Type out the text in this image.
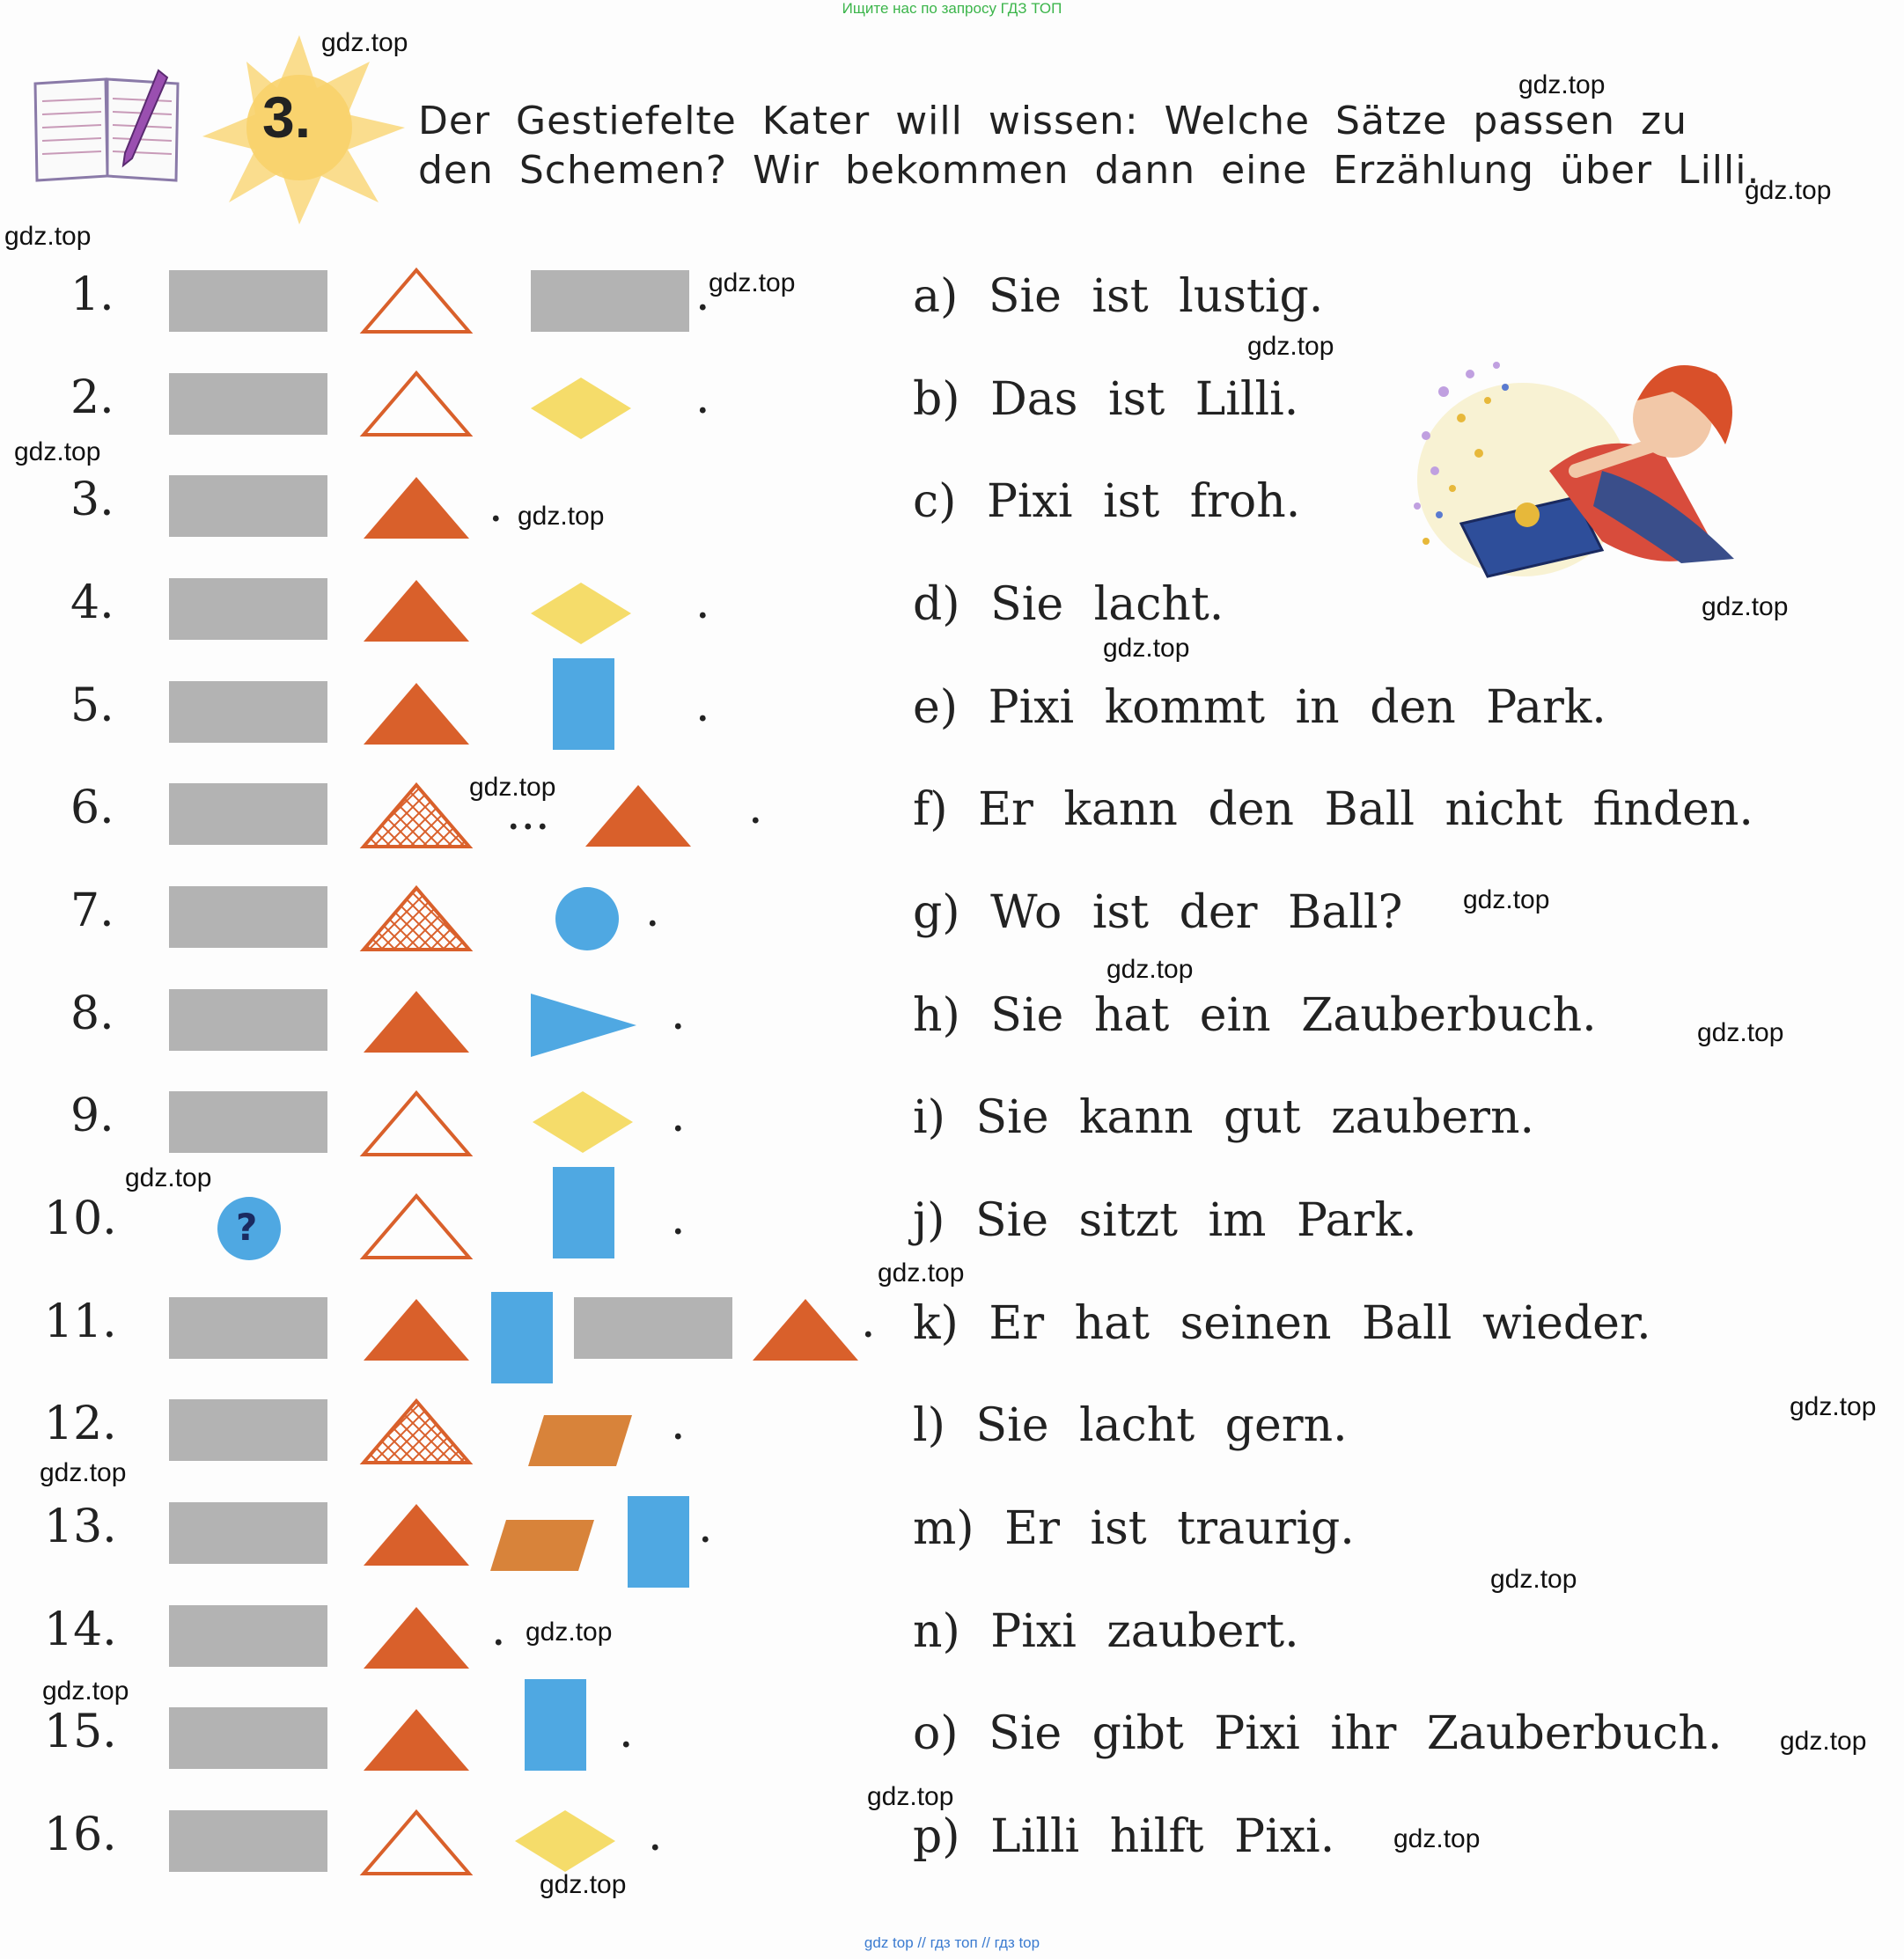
Ищите нас по запросу ГДЗ ТОП
gdz top // гдз топ // гдз top
3.	Der Gestiefelte Kater will wissen: Welche Sätze passen zu den Schemen? Wir bekommen dann eine Erzählung über Lilli.
1.
2.
3.
4.
5.
6.
7.
8.
9.
10.
11.
12.
13.
14.
15.
16.
?
.
.
.
.
.
...	.
.
.
.
.
.
.
.
.
.
.
a) Sie ist lustig.
b) Das ist Lilli.
c) Pixi ist froh.
d) Sie lacht.
e) Pixi kommt in den Park.
f) Er kann den Ball nicht finden.
g) Wo ist der Ball?
h) Sie hat ein Zauberbuch.
i) Sie kann gut zaubern.
j) Sie sitzt im Park.
k) Er hat seinen Ball wieder.
l) Sie lacht gern.
m) Er ist traurig.
n) Pixi zaubert.
o) Sie gibt Pixi ihr Zauberbuch.
p) Lilli hilft Pixi.
gdz.top
gdz.top
gdz.top
gdz.top
gdz.top
gdz.top
gdz.top
gdz.top
gdz.top
gdz.top
gdz.top
gdz.top
gdz.top
gdz.top
gdz.top
gdz.top
gdz.top
gdz.top
gdz.top
gdz.top
gdz.top
gdz.top
gdz.top
gdz.top
gdz.top
